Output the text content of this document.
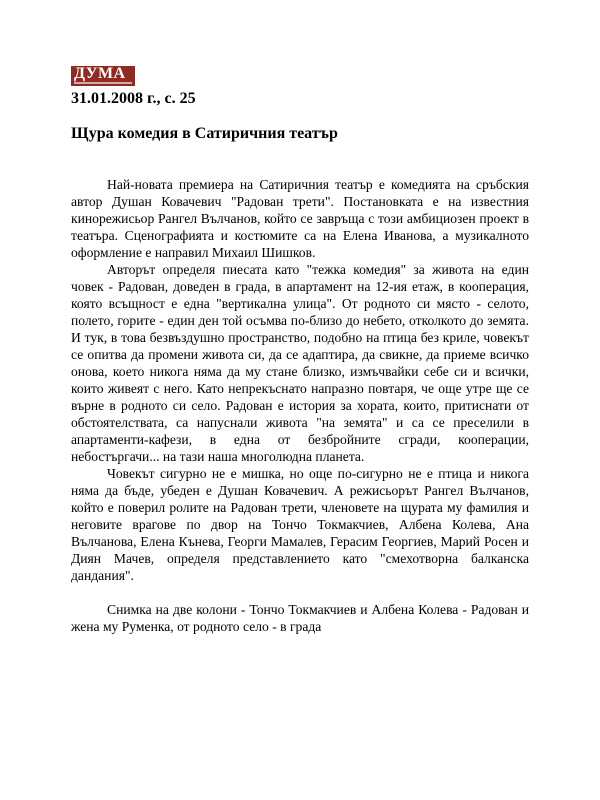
ДУМА
31.01.2008 г., с. 25
Щура комедия в Сатиричния театър

Най-новата премиера на Сатиричния театър е комедията на сръбския автор Душан Ковачевич "Радован трети". Постановката е на известния кинорежисьор Рангел Вълчанов, който се завръща с този амбициозен проект в театъра. Сценографията и костюмите са на Елена Иванова, а музикалното оформление е направил Михаил Шишков.

Авторът определя пиесата като "тежка комедия" за живота на един човек - Радован, доведен в града, в апартамент на 12-ия етаж, в кооперация, която всъщност е една "вертикална улица". От родното си място - селото, полето, горите - един ден той осъмва по-близо до небето, отколкото до земята. И тук, в това безвъздушно пространство, подобно на птица без криле, човекът се опитва да промени живота си, да се адаптира, да свикне, да приеме всичко онова, което никога няма да му стане близко, измъчвайки себе си и всички, които живеят с него. Като непрекъснато напразно повтаря, че още утре ще се върне в родното си село. Радован е история за хората, които, притиснати от обстоятелствата, са напуснали живота "на земята" и са се преселили в апартаменти-кафези, в една от безбройните сгради, кооперации, небостъргачи... на тази наша многолюдна планета.

Човекът сигурно не е мишка, но още по-сигурно не е птица и никога няма да бъде, убеден е Душан Ковачевич. А режисьорът Рангел Вълчанов, който е поверил ролите на Радован трети, членовете на щурата му фамилия и неговите врагове по двор на Тончо Токмакчиев, Албена Колева, Ана Вълчанова, Елена Кънева, Георги Мамалев, Герасим Георгиев, Марий Росен и Диян Мачев, определя представлението като "смехотворна балканска дандания".

Снимка на две колони - Тончо Токмакчиев и Албена Колева - Радован и жена му Руменка, от родното село - в града
